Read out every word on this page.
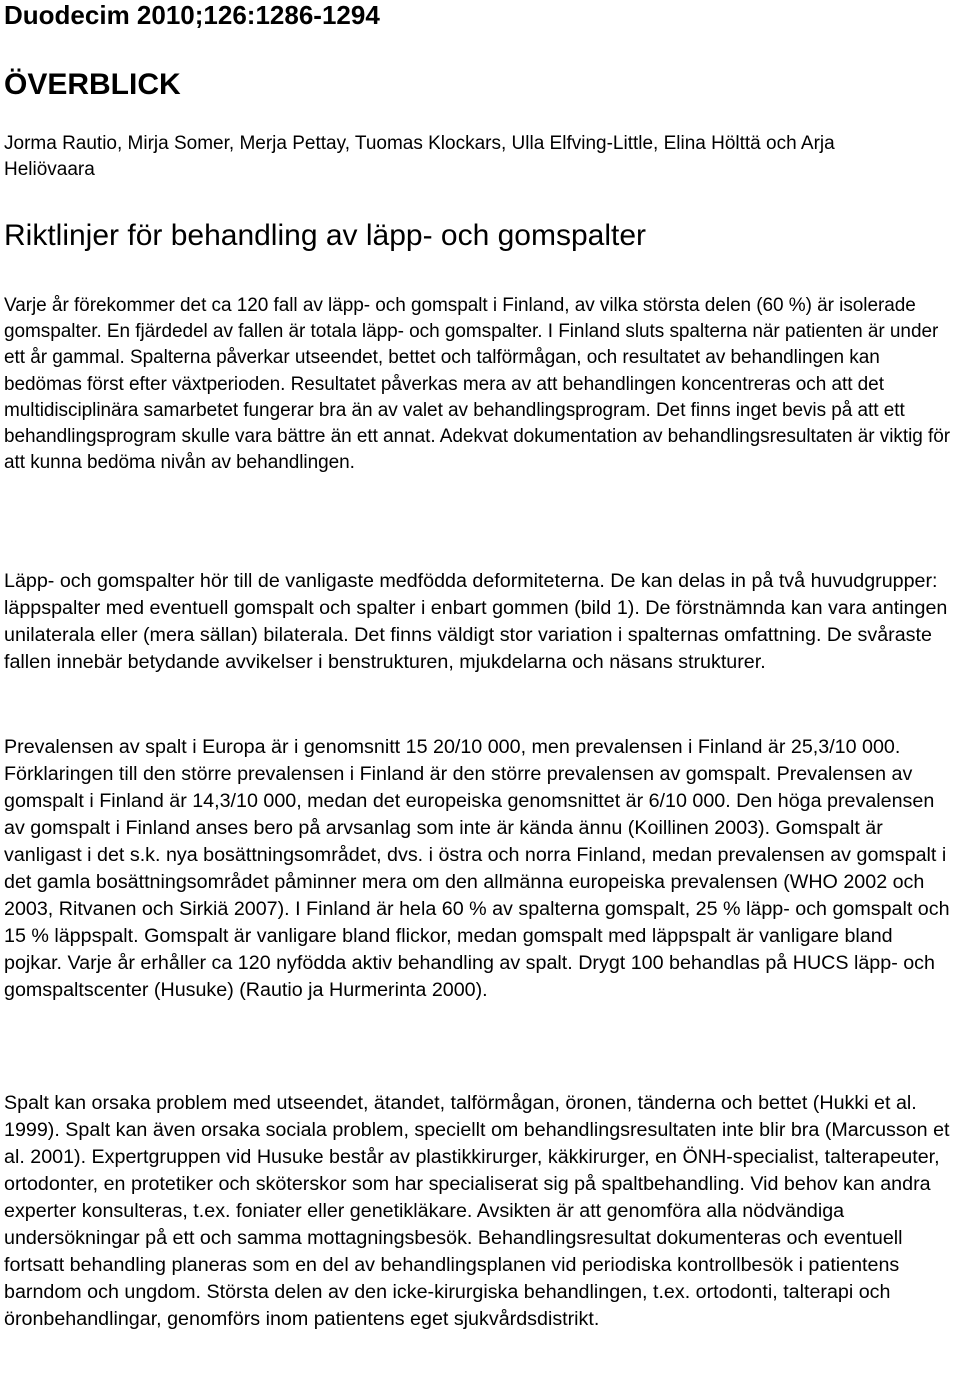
Duodecim 2010;126:1286-1294
ÖVERBLICK
Jorma Rautio, Mirja Somer, Merja Pettay, Tuomas Klockars, Ulla Elfving-Little, Elina Hölttä och Arja Heliövaara
Riktlinjer för behandling av läpp- och gomspalter

Varje år förekommer det ca 120 fall av läpp- och gomspalt i Finland, av vilka största delen (60 %) är isolerade gomspalter. En fjärdedel av fallen är totala läpp- och gomspalter. I Finland sluts spalterna när patienten är under ett år gammal. Spalterna påverkar utseendet, bettet och talförmågan, och resultatet av behandlingen kan bedömas först efter växtperioden. Resultatet påverkas mera av att behandlingen koncentreras och att det multidisciplinära samarbetet fungerar bra än av valet av behandlingsprogram. Det finns inget bevis på att ett behandlingsprogram skulle vara bättre än ett annat. Adekvat dokumentation av behandlingsresultaten är viktig för att kunna bedöma nivån av behandlingen.

Läpp- och gomspalter hör till de vanligaste medfödda deformiteterna. De kan delas in på två huvudgrupper: läppspalter med eventuell gomspalt och spalter i enbart gommen (bild 1). De förstnämnda kan vara antingen unilaterala eller (mera sällan) bilaterala. Det finns väldigt stor variation i spalternas omfattning. De svåraste fallen innebär betydande avvikelser i benstrukturen, mjukdelarna och näsans strukturer.

Prevalensen av spalt i Europa är i genomsnitt 15 20/10 000, men prevalensen i Finland är 25,3/10 000. Förklaringen till den större prevalensen i Finland är den större prevalensen av gomspalt. Prevalensen av gomspalt i Finland är 14,3/10 000, medan det europeiska genomsnittet är 6/10 000. Den höga prevalensen av gomspalt i Finland anses bero på arvsanlag som inte är kända ännu (Koillinen 2003). Gomspalt är vanligast i det s.k. nya bosättningsområdet, dvs. i östra och norra Finland, medan prevalensen av gomspalt i det gamla bosättningsområdet påminner mera om den allmänna europeiska prevalensen (WHO 2002 och 2003, Ritvanen och Sirkiä 2007). I Finland är hela 60 % av spalterna gomspalt, 25 % läpp- och gomspalt och 15 % läppspalt. Gomspalt är vanligare bland flickor, medan gomspalt med läppspalt är vanligare bland pojkar. Varje år erhåller ca 120 nyfödda aktiv behandling av spalt. Drygt 100 behandlas på HUCS läpp- och gomspaltscenter (Husuke) (Rautio ja Hurmerinta 2000).

Spalt kan orsaka problem med utseendet, ätandet, talförmågan, öronen, tänderna och bettet (Hukki et al. 1999). Spalt kan även orsaka sociala problem, speciellt om behandlingsresultaten inte blir bra (Marcusson et al. 2001). Expertgruppen vid Husuke består av plastikkirurger, käkkirurger, en ÖNH-specialist, talterapeuter, ortodonter, en protetiker och sköterskor som har specialiserat sig på spaltbehandling. Vid behov kan andra experter konsulteras, t.ex. foniater eller genetikläkare. Avsikten är att genomföra alla nödvändiga undersökningar på ett och samma mottagningsbesök. Behandlingsresultat dokumenteras och eventuell fortsatt behandling planeras som en del av behandlingsplanen vid periodiska kontrollbesök i patientens barndom och ungdom. Största delen av den icke-kirurgiska behandlingen, t.ex. ortodonti, talterapi och öronbehandlingar, genomförs inom patientens eget sjukvårdsdistrikt.
